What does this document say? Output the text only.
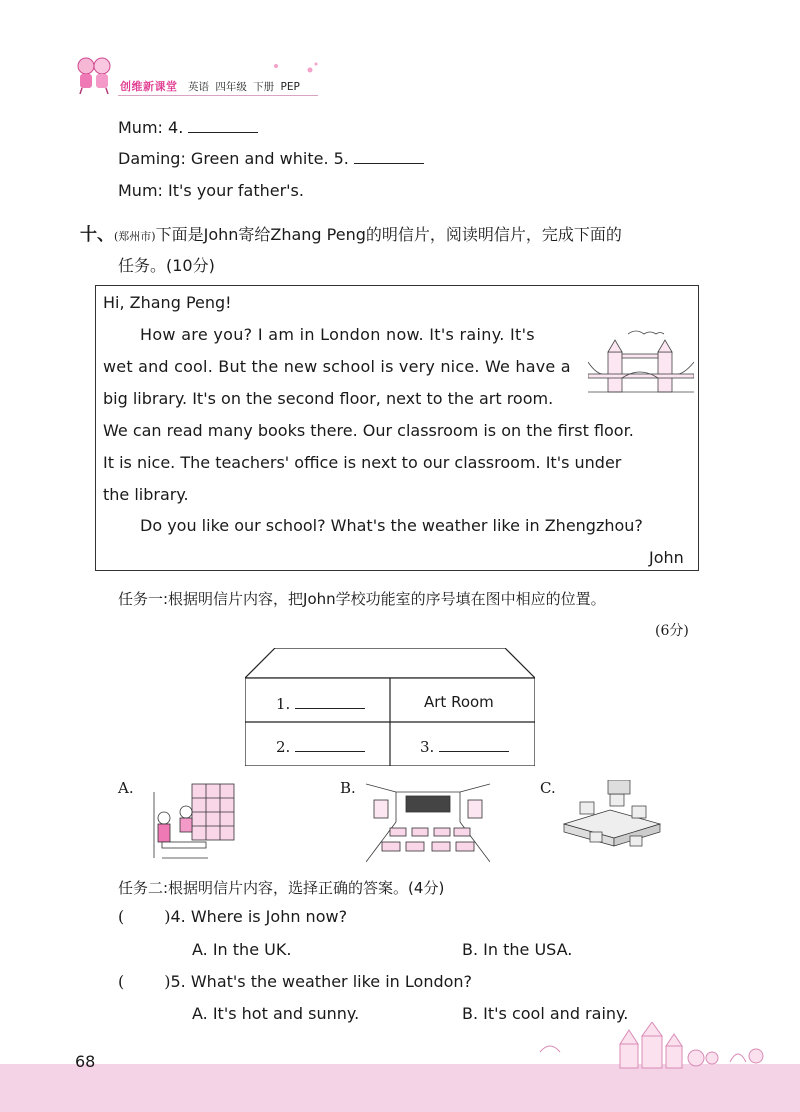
创维新课堂 英语 四年级 下册 PEP
Mum: 4.
Daming: Green and white. 5.
Mum: It's your father's.
十、(郑州市)下面是John寄给Zhang Peng的明信片，阅读明信片，完成下面的
任务。(10分)
Hi, Zhang Peng!
How are you? I am in London now. It's rainy. It's
wet and cool. But the new school is very nice. We have a
big library. It's on the second floor, next to the art room.
We can read many books there. Our classroom is on the first floor.
It is nice. The teachers' office is next to our classroom. It's under
the library.
Do you like our school? What's the weather like in Zhengzhou?
John
任务一:根据明信片内容，把John学校功能室的序号填在图中相应的位置。
(6分)
1.	Art Room
2.	3.
A.	B.	C.
任务二:根据明信片内容，选择正确的答案。(4分)
(	)4. Where is John now?
A. In the UK.	B. In the USA.
(	)5. What's the weather like in London?
A. It's hot and sunny.	B. It's cool and rainy.
68
